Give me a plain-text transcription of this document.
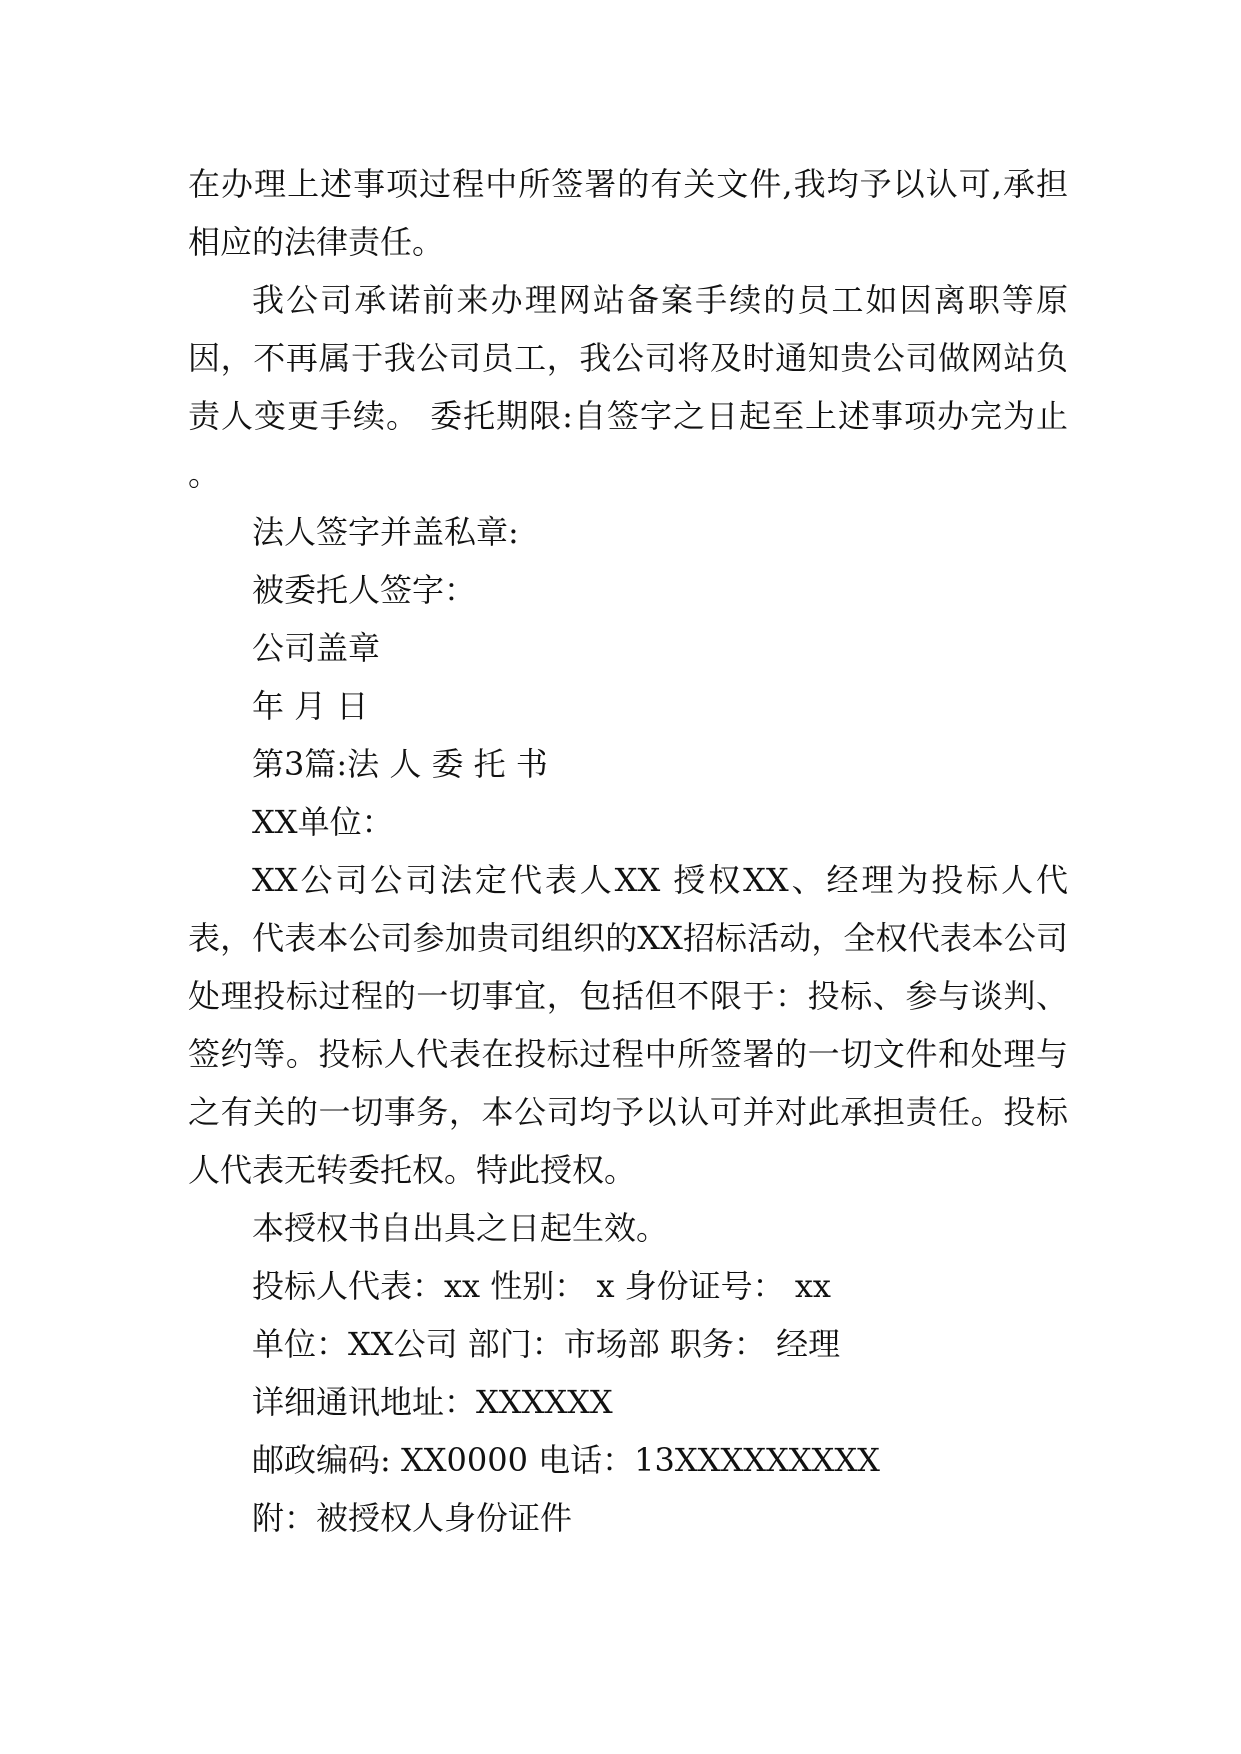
在办理上述事项过程中所签署的有关文件,我均予以认可,承担相应的法律责任。

我公司承诺前来办理网站备案手续的员工如因离职等原因，不再属于我公司员工，我公司将及时通知贵公司做网站负责人变更手续。 委托期限:自签字之日起至上述事项办完为止 。

法人签字并盖私章:

被委托人签字：

公司盖章

年 月 日

第3篇:法 人 委 托 书

XX单位：

XX公司公司法定代表人XX 授权XX、经理为投标人代表，代表本公司参加贵司组织的XX招标活动，全权代表本公司处理投标过程的一切事宜，包括但不限于：投标、参与谈判、签约等。投标人代表在投标过程中所签署的一切文件和处理与之有关的一切事务，本公司均予以认可并对此承担责任。投标人代表无转委托权。特此授权。

本授权书自出具之日起生效。

投标人代表：xx 性别： x 身份证号： xx

单位：XX公司 部门：市场部 职务： 经理

详细通讯地址：XXXXXX

邮政编码: XX0000 电话：13XXXXXXXXX

附：被授权人身份证件
